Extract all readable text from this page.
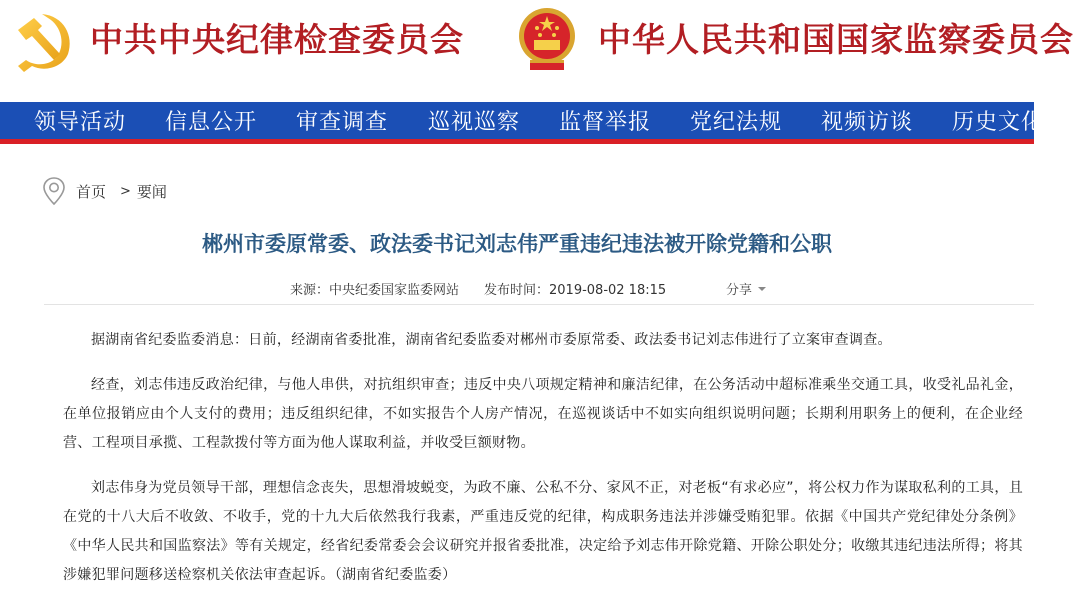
中共中央纪律检查委员会	中华人民共和国国家监察委员会
领导活动 信息公开 审查调查 巡视巡察 监督举报 党纪法规 视频访谈 历史文化
首页 > 要闻
郴州市委原常委、政法委书记刘志伟严重违纪违法被开除党籍和公职
来源：中央纪委国家监委网站 发布时间：2019-08-02 18:15	分享

据湖南省纪委监委消息：日前，经湖南省委批准，湖南省纪委监委对郴州市委原常委、政法委书记刘志伟进行了立案审查调查。

经查，刘志伟违反政治纪律，与他人串供，对抗组织审查；违反中央八项规定精神和廉洁纪律，在公务活动中超标准乘坐交通工具，收受礼品礼金，在单位报销应由个人支付的费用；违反组织纪律，不如实报告个人房产情况，在巡视谈话中不如实向组织说明问题；长期利用职务上的便利，在企业经营、工程项目承揽、工程款拨付等方面为他人谋取利益，并收受巨额财物。

刘志伟身为党员领导干部，理想信念丧失，思想滑坡蜕变，为政不廉、公私不分、家风不正，对老板“有求必应”，将公权力作为谋取私利的工具，且在党的十八大后不收敛、不收手，党的十九大后依然我行我素，严重违反党的纪律，构成职务违法并涉嫌受贿犯罪。依据《中国共产党纪律处分条例》《中华人民共和国监察法》等有关规定，经省纪委常委会会议研究并报省委批准，决定给予刘志伟开除党籍、开除公职处分；收缴其违纪违法所得；将其涉嫌犯罪问题移送检察机关依法审查起诉。（湖南省纪委监委）
